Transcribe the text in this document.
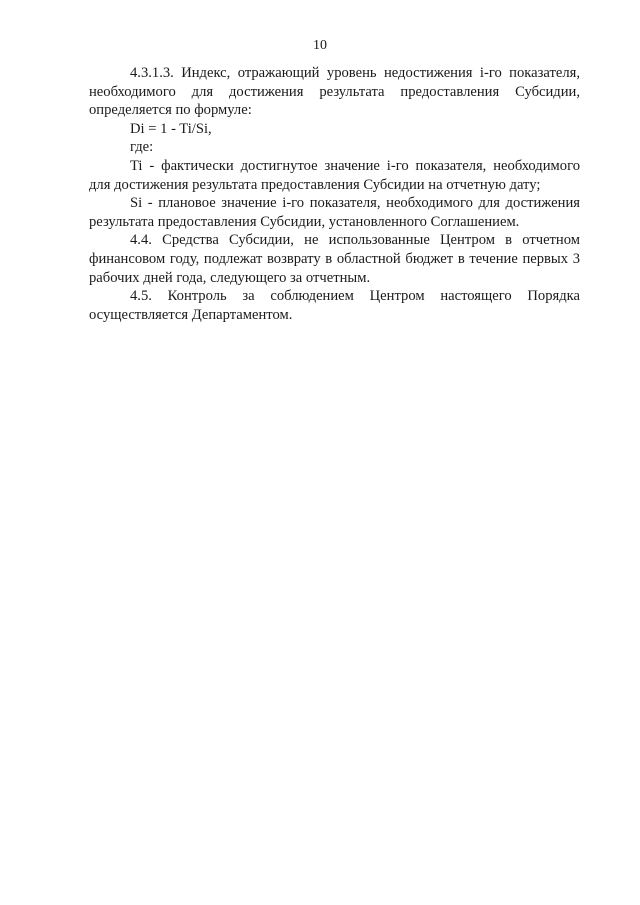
10

4.3.1.3. Индекс, отражающий уровень недостижения i-го показателя, необходимого для достижения результата предоставления Субсидии, определяется по формуле:

Di = 1 - Ti/Si,

где:

Ti - фактически достигнутое значение i-го показателя, необходимого для достижения результата предоставления Субсидии на отчетную дату;

Si - плановое значение i-го показателя, необходимого для достижения результата предоставления Субсидии, установленного Соглашением.

4.4. Средства Субсидии, не использованные Центром в отчетном финансовом году, подлежат возврату в областной бюджет в течение первых 3 рабочих дней года, следующего за отчетным.

4.5. Контроль за соблюдением Центром настоящего Порядка осуществляется Департаментом.
